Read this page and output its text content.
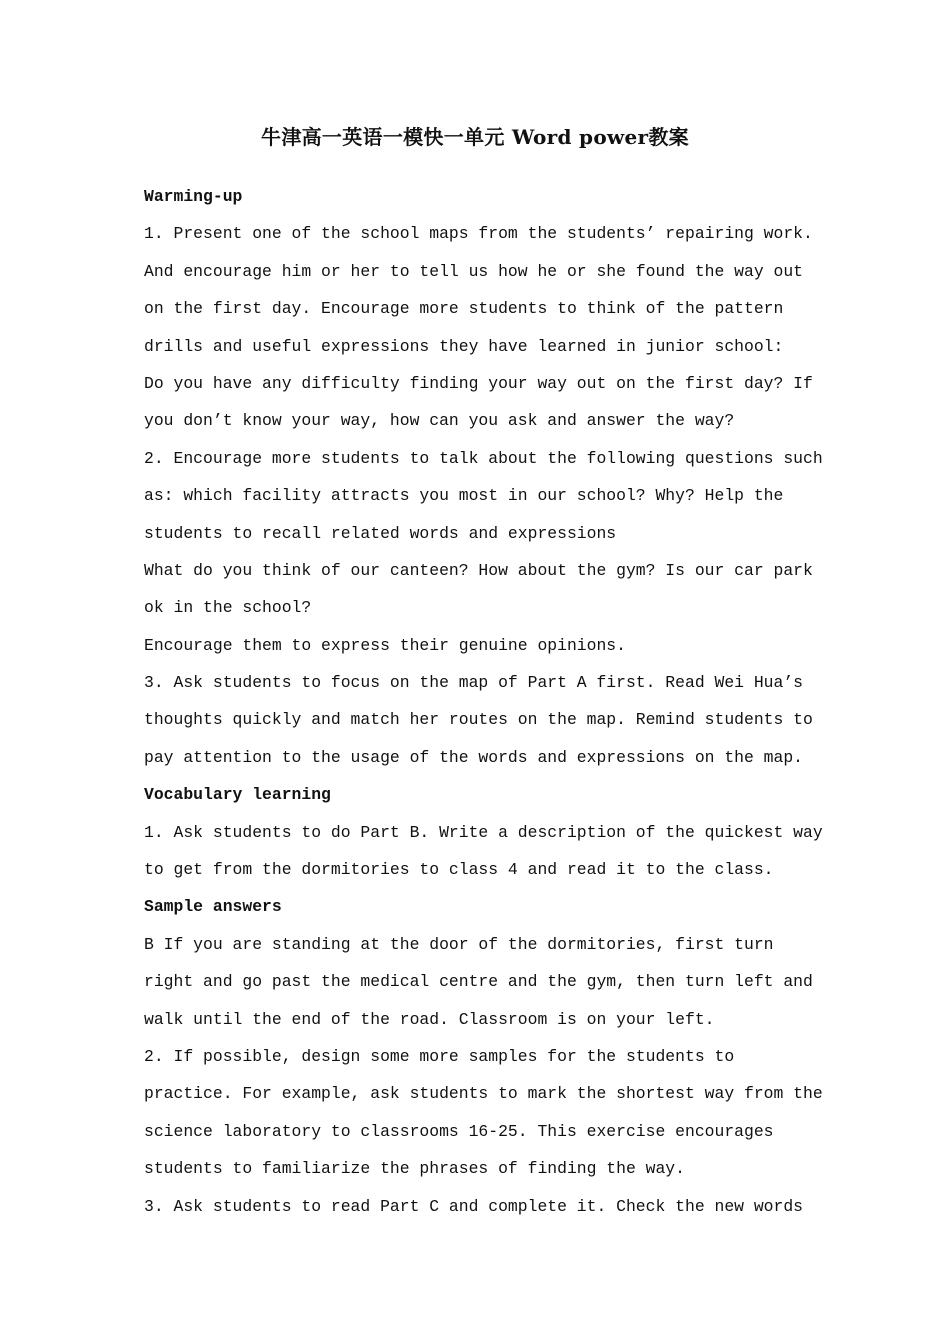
牛津高一英语一模快一单元 Word power教案
Warming-up
1. Present one of the school maps from the students’ repairing work.
And encourage him or her to tell us how he or she found the way out
on the first day. Encourage more students to think of the pattern
drills and useful expressions they have learned in junior school:
Do you have any difficulty finding your way out on the first day? If
you don’t know your way, how can you ask and answer the way?
2. Encourage more students to talk about the following questions such
as: which facility attracts you most in our school? Why? Help the
students to recall related words and expressions
What do you think of our canteen? How about the gym? Is our car park
ok in the school?
Encourage them to express their genuine opinions.
3. Ask students to focus on the map of Part A first. Read Wei Hua’s
thoughts quickly and match her routes on the map. Remind students to
pay attention to the usage of the words and expressions on the map.
Vocabulary learning
1. Ask students to do Part B. Write a description of the quickest way
to get from the dormitories to class 4 and read it to the class.
Sample answers
B If you are standing at the door of the dormitories, first turn
right and go past the medical centre and the gym, then turn left and
walk until the end of the road. Classroom is on your left.
2. If possible, design some more samples for the students to
practice. For example, ask students to mark the shortest way from the
science laboratory to classrooms 16-25. This exercise encourages
students to familiarize the phrases of finding the way.
3. Ask students to read Part C and complete it. Check the new words
